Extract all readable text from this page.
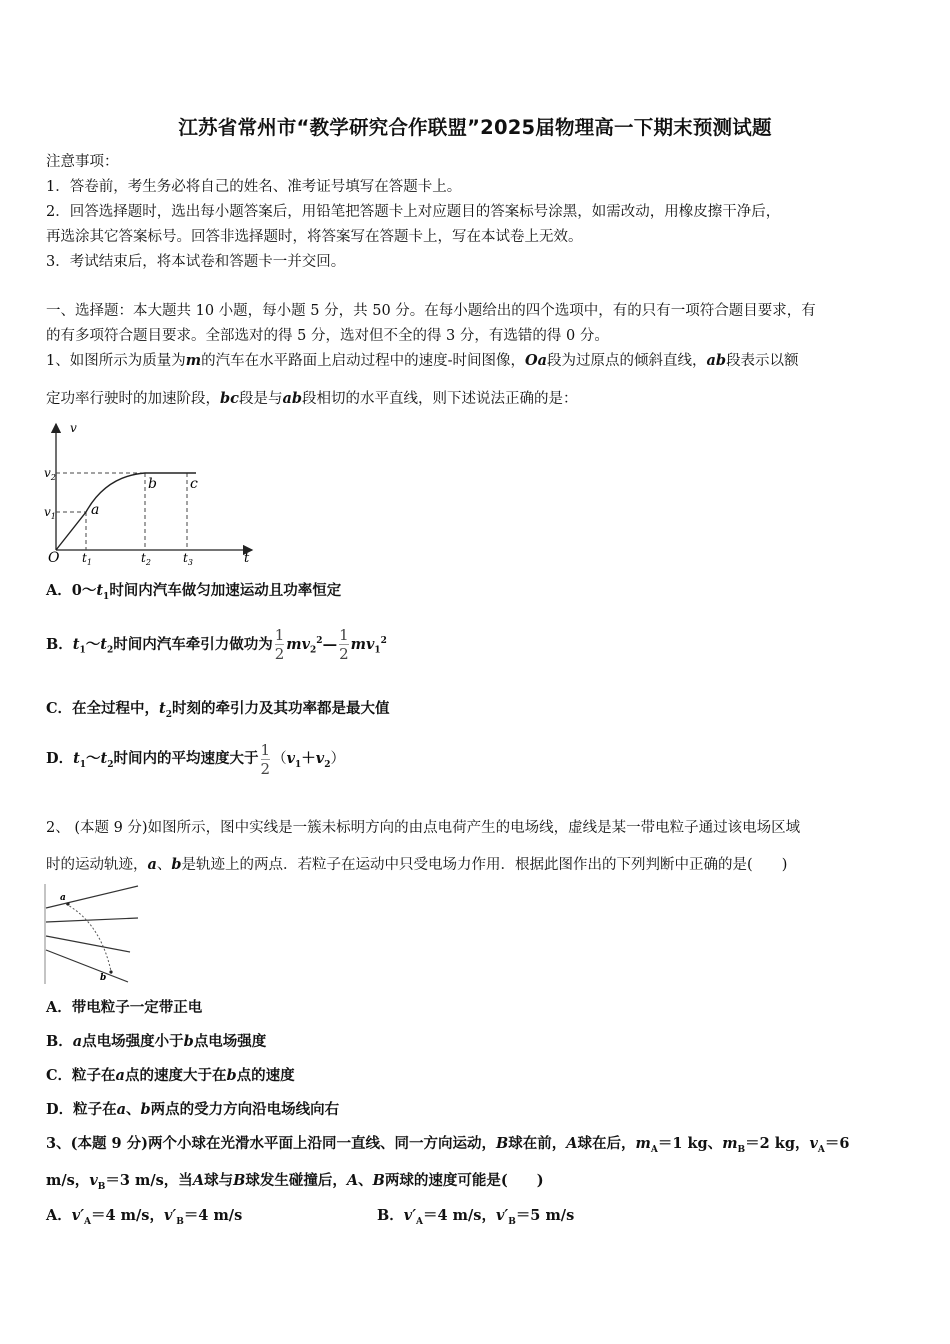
江苏省常州市“教学研究合作联盟”2025届物理高一下期末预测试题
注意事项：
1．答卷前，考生务必将自己的姓名、准考证号填写在答题卡上。
2．回答选择题时，选出每小题答案后，用铅笔把答题卡上对应题目的答案标号涂黑，如需改动，用橡皮擦干净后，
再选涂其它答案标号。回答非选择题时，将答案写在答题卡上，写在本试卷上无效。
3．考试结束后，将本试卷和答题卡一并交回。
一、选择题：本大题共 10 小题，每小题 5 分，共 50 分。在每小题给出的四个选项中，有的只有一项符合题目要求，有
的有多项符合题目要求。全部选对的得 5 分，选对但不全的得 3 分，有选错的得 0 分。
1、如图所示为质量为m的汽车在水平路面上启动过程中的速度-时间图像，Oa段为过原点的倾斜直线，ab段表示以额
定功率行驶时的加速阶段，bc段是与ab段相切的水平直线，则下述说法正确的是：
v
t
O
$v_2$
$v_1$
$t_1$	$t_2$	$t_3$
a
b c
A．$0\sim t_1$时间内汽车做匀加速运动且功率恒定
B．$t_1\sim t_2$时间内汽车牵引力做功为 $\frac{1}{2}$ $mv_2^2— \frac{1}{2} mv_1^2$
C．在全过程中，$t_2$时刻的牵引力及其功率都是最大值
D．$t_1\sim t_2$时间内的平均速度大于 $\frac{1}{2} (v_1+v_2)$
2、 (本题 9 分)如图所示，图中实线是一簇未标明方向的由点电荷产生的电场线，虚线是某一带电粒子通过该电场区域
时的运动轨迹，a、b是轨迹上的两点．若粒子在运动中只受电场力作用．根据此图作出的下列判断中正确的是(　　)
a
b
A．带电粒子一定带正电
B．a点电场强度小于b点电场强度
C．粒子在a点的速度大于在b点的速度
D．粒子在a、b两点的受力方向沿电场线向右
3、(本题 9 分)两个小球在光滑水平面上沿同一直线、同一方向运动，B球在前，A球在后，$m_A=1$ kg、$m_B=2$ kg，$v_A=6$
m/s，$v_B=3$ m/s，当A球与B球发生碰撞后，A、B两球的速度可能是(　　)
A．$v'_A=4$ m/s，$v'_B=4$ m/s	B．$v'_A=4$ m/s，$v'_B=5$ m/s
